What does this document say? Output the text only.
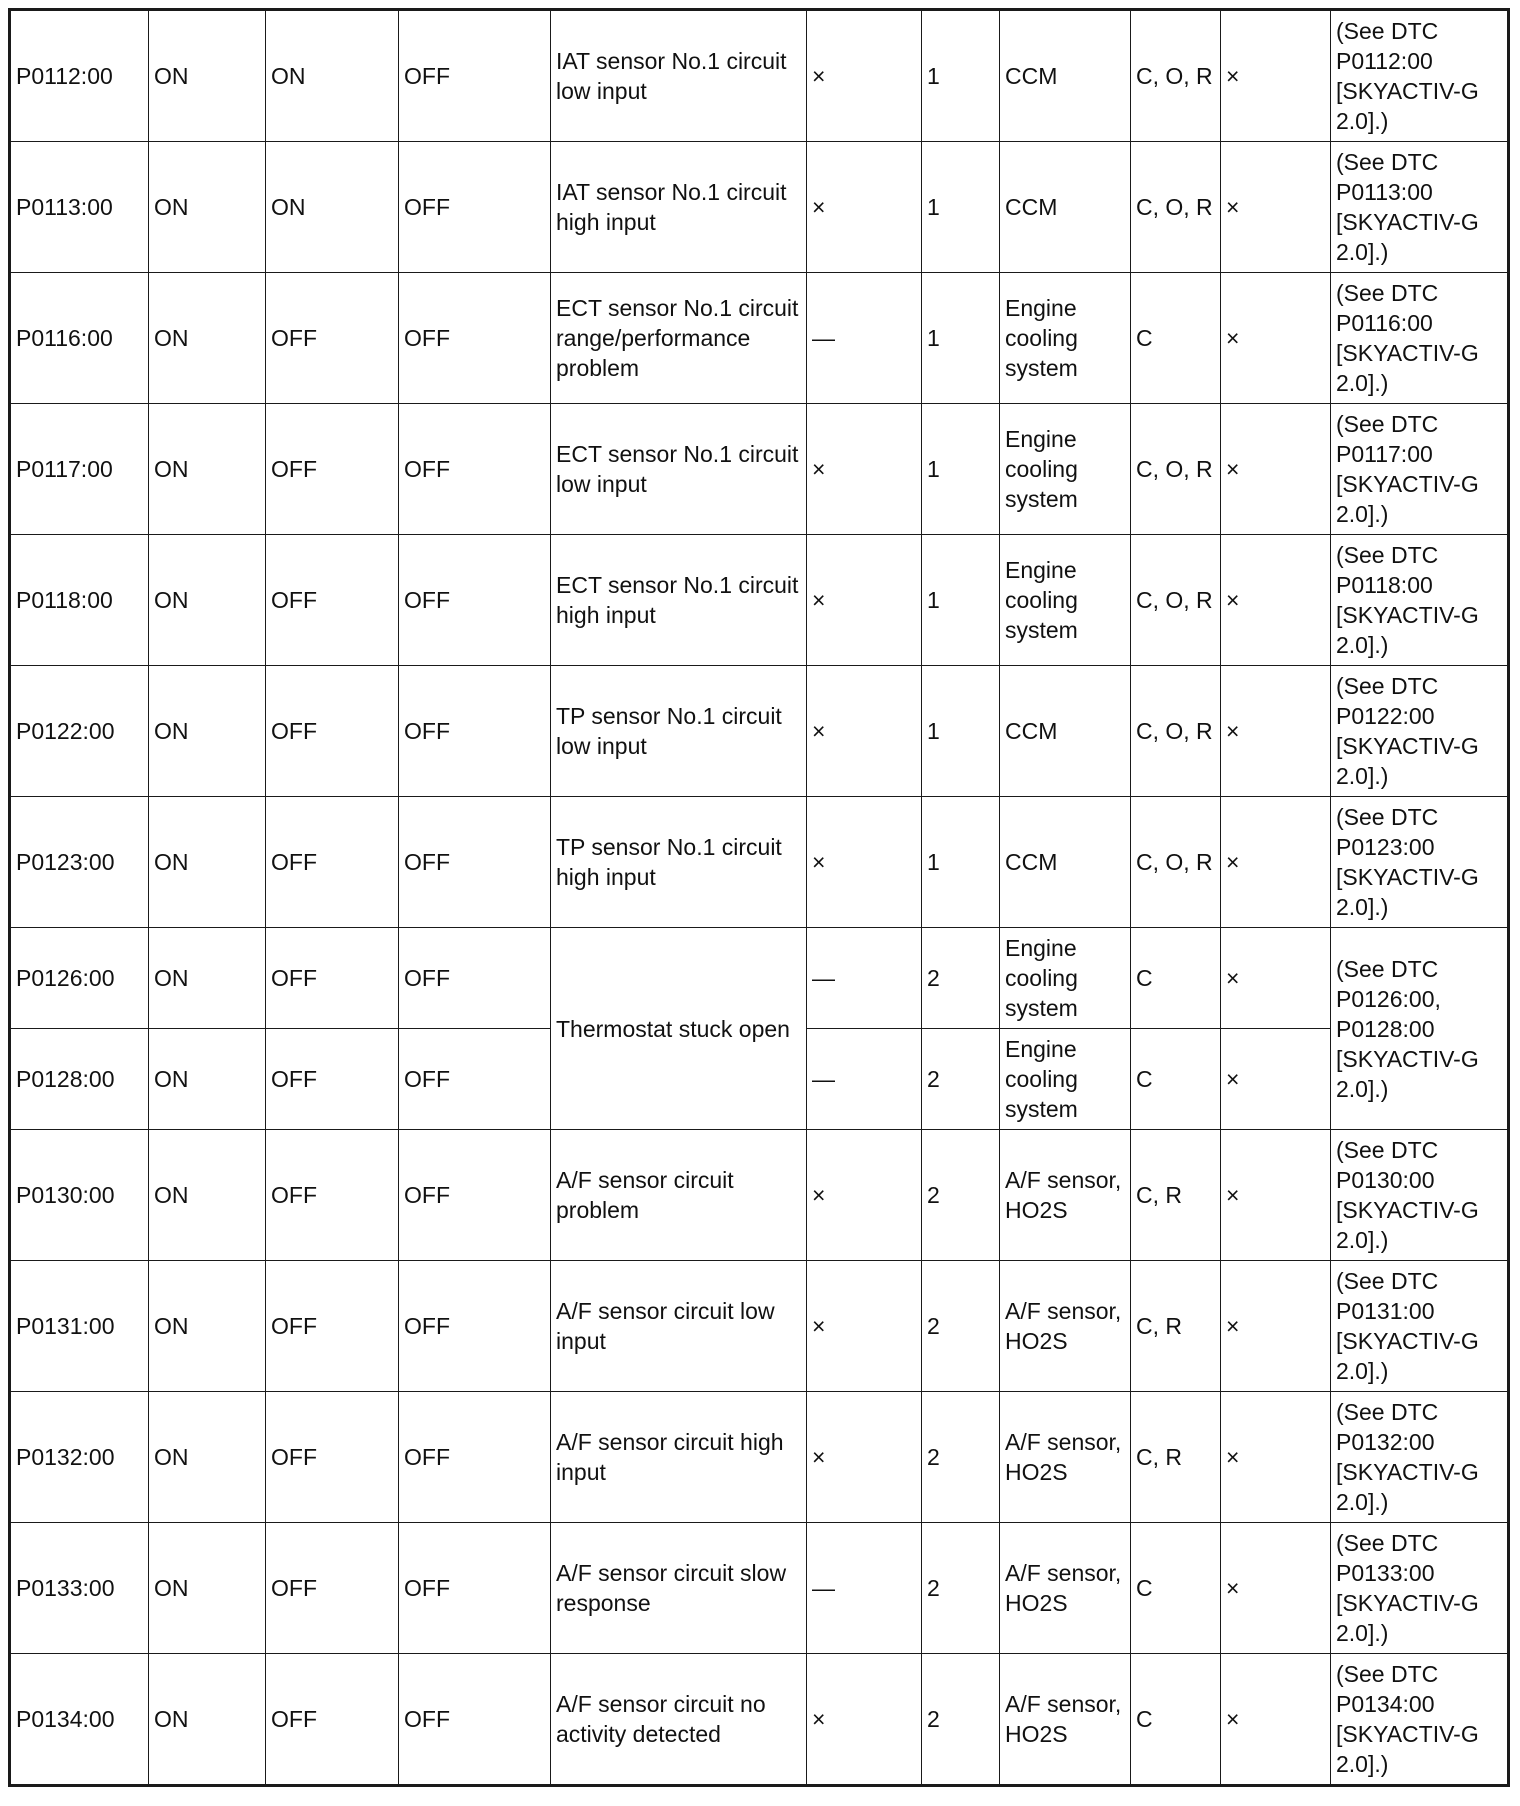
P0112:00	ON	ON	OFF	IAT sensor No.1 circuit low input	×	1	CCM	C, O, R	×	(See DTC P0112:00 [SKYACTIV-G 2.0].)
P0113:00	ON	ON	OFF	IAT sensor No.1 circuit high input	×	1	CCM	C, O, R	×	(See DTC P0113:00 [SKYACTIV-G 2.0].)
P0116:00	ON	OFF	OFF	ECT sensor No.1 circuit range/performance problem	—	1	Engine cooling system	C	×	(See DTC P0116:00 [SKYACTIV-G 2.0].)
P0117:00	ON	OFF	OFF	ECT sensor No.1 circuit low input	×	1	Engine cooling system	C, O, R	×	(See DTC P0117:00 [SKYACTIV-G 2.0].)
P0118:00	ON	OFF	OFF	ECT sensor No.1 circuit high input	×	1	Engine cooling system	C, O, R	×	(See DTC P0118:00 [SKYACTIV-G 2.0].)
P0122:00	ON	OFF	OFF	TP sensor No.1 circuit low input	×	1	CCM	C, O, R	×	(See DTC P0122:00 [SKYACTIV-G 2.0].)
P0123:00	ON	OFF	OFF	TP sensor No.1 circuit high input	×	1	CCM	C, O, R	×	(See DTC P0123:00 [SKYACTIV-G 2.0].)
P0126:00	ON	OFF	OFF	Thermostat stuck open	—	2	Engine cooling system	C	×	(See DTC P0126:00, P0128:00 [SKYACTIV-G 2.0].)
P0128:00	ON	OFF	OFF		—	2	Engine cooling system	C	×	
P0130:00	ON	OFF	OFF	A/F sensor circuit problem	×	2	A/F sensor, HO2S	C, R	×	(See DTC P0130:00 [SKYACTIV-G 2.0].)
P0131:00	ON	OFF	OFF	A/F sensor circuit low input	×	2	A/F sensor, HO2S	C, R	×	(See DTC P0131:00 [SKYACTIV-G 2.0].)
P0132:00	ON	OFF	OFF	A/F sensor circuit high input	×	2	A/F sensor, HO2S	C, R	×	(See DTC P0132:00 [SKYACTIV-G 2.0].)
P0133:00	ON	OFF	OFF	A/F sensor circuit slow response	—	2	A/F sensor, HO2S	C	×	(See DTC P0133:00 [SKYACTIV-G 2.0].)
P0134:00	ON	OFF	OFF	A/F sensor circuit no activity detected	×	2	A/F sensor, HO2S	C	×	(See DTC P0134:00 [SKYACTIV-G 2.0].)
